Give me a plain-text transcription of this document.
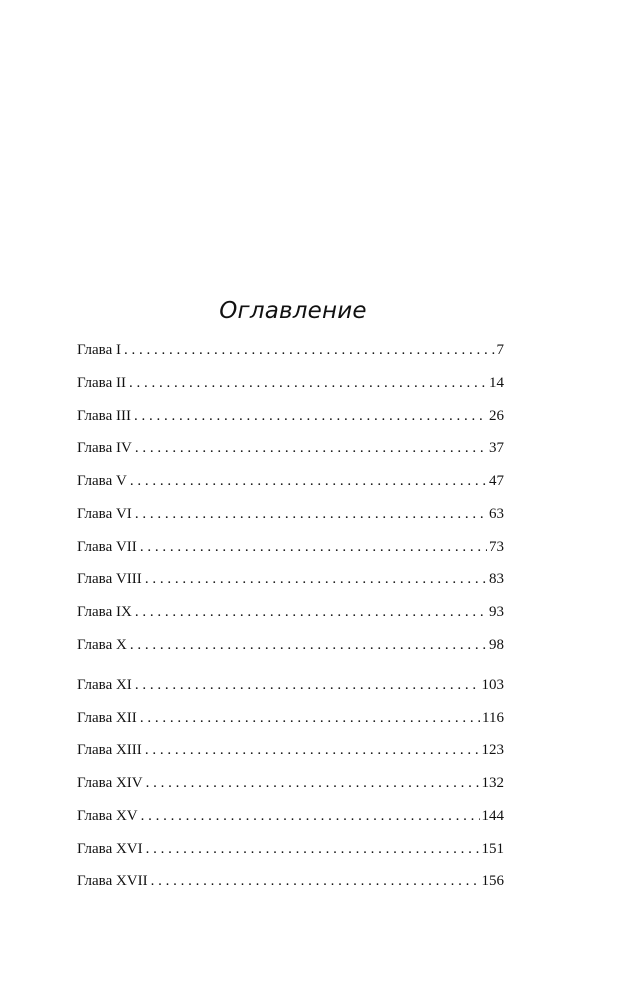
Оглавление
Глава I . . .	7
Глава II . . .	14
Глава III . . .	26
Глава IV . . .	37
Глава V . . .	47
Глава VI . . .	63
Глава VII . . .	73
Глава VIII . . .	83
Глава IX . . .	93
Глава X . . .	98
Глава XI . . .	103
Глава XII . . .	116
Глава XIII . . .	123
Глава XIV . . .	132
Глава XV . . .	144
Глава XVI . . .	151
Глава XVII . . .	156
